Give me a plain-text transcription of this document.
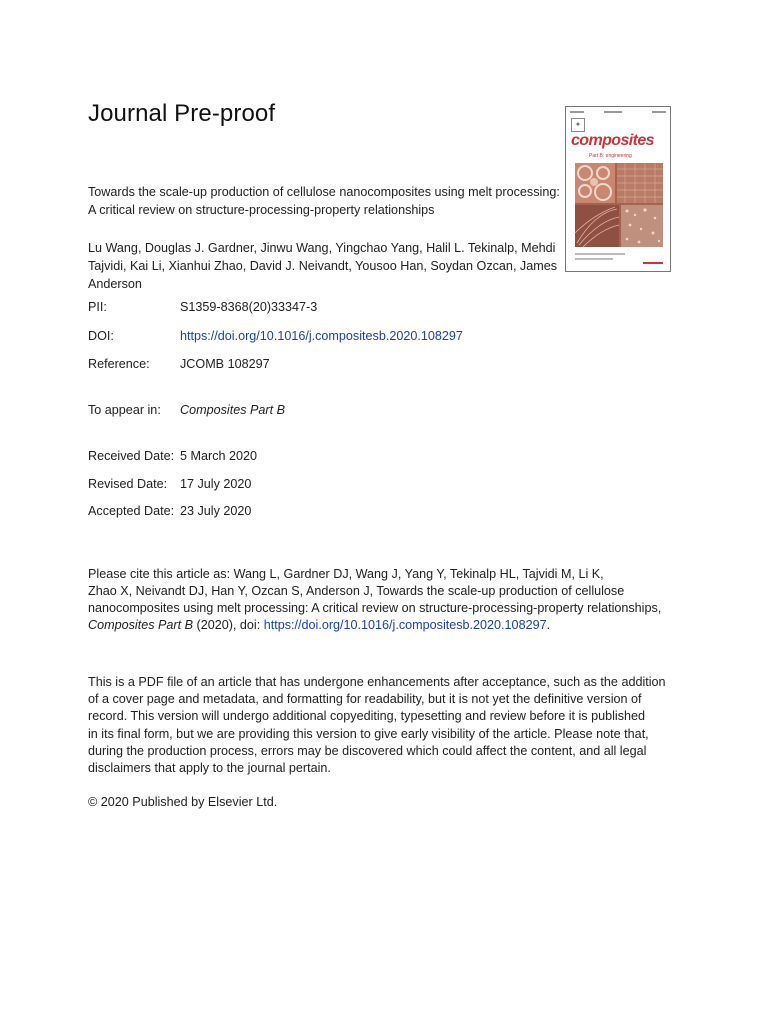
Journal Pre-proof	✦
composites
Part B: engineering
Towards the scale-up production of cellulose nanocomposites using melt processing:
A critical review on structure-processing-property relationships
Lu Wang, Douglas J. Gardner, Jinwu Wang, Yingchao Yang, Halil L. Tekinalp, Mehdi
Tajvidi, Kai Li, Xianhui Zhao, David J. Neivandt, Yousoo Han, Soydan Ozcan, James
Anderson
PII:	S1359-8368(20)33347-3
DOI:	https://doi.org/10.1016/j.compositesb.2020.108297
Reference: JCOMB 108297
To appear in: Composites Part B
Received Date: 5 March 2020
Revised Date: 17 July 2020
Accepted Date: 23 July 2020
Please cite this article as: Wang L, Gardner DJ, Wang J, Yang Y, Tekinalp HL, Tajvidi M, Li K,
Zhao X, Neivandt DJ, Han Y, Ozcan S, Anderson J, Towards the scale-up production of cellulose
nanocomposites using melt processing: A critical review on structure-processing-property relationships,
Composites Part B (2020), doi: https://doi.org/10.1016/j.compositesb.2020.108297.
This is a PDF file of an article that has undergone enhancements after acceptance, such as the addition
of a cover page and metadata, and formatting for readability, but it is not yet the definitive version of
record. This version will undergo additional copyediting, typesetting and review before it is published
in its final form, but we are providing this version to give early visibility of the article. Please note that,
during the production process, errors may be discovered which could affect the content, and all legal
disclaimers that apply to the journal pertain.
© 2020 Published by Elsevier Ltd.
